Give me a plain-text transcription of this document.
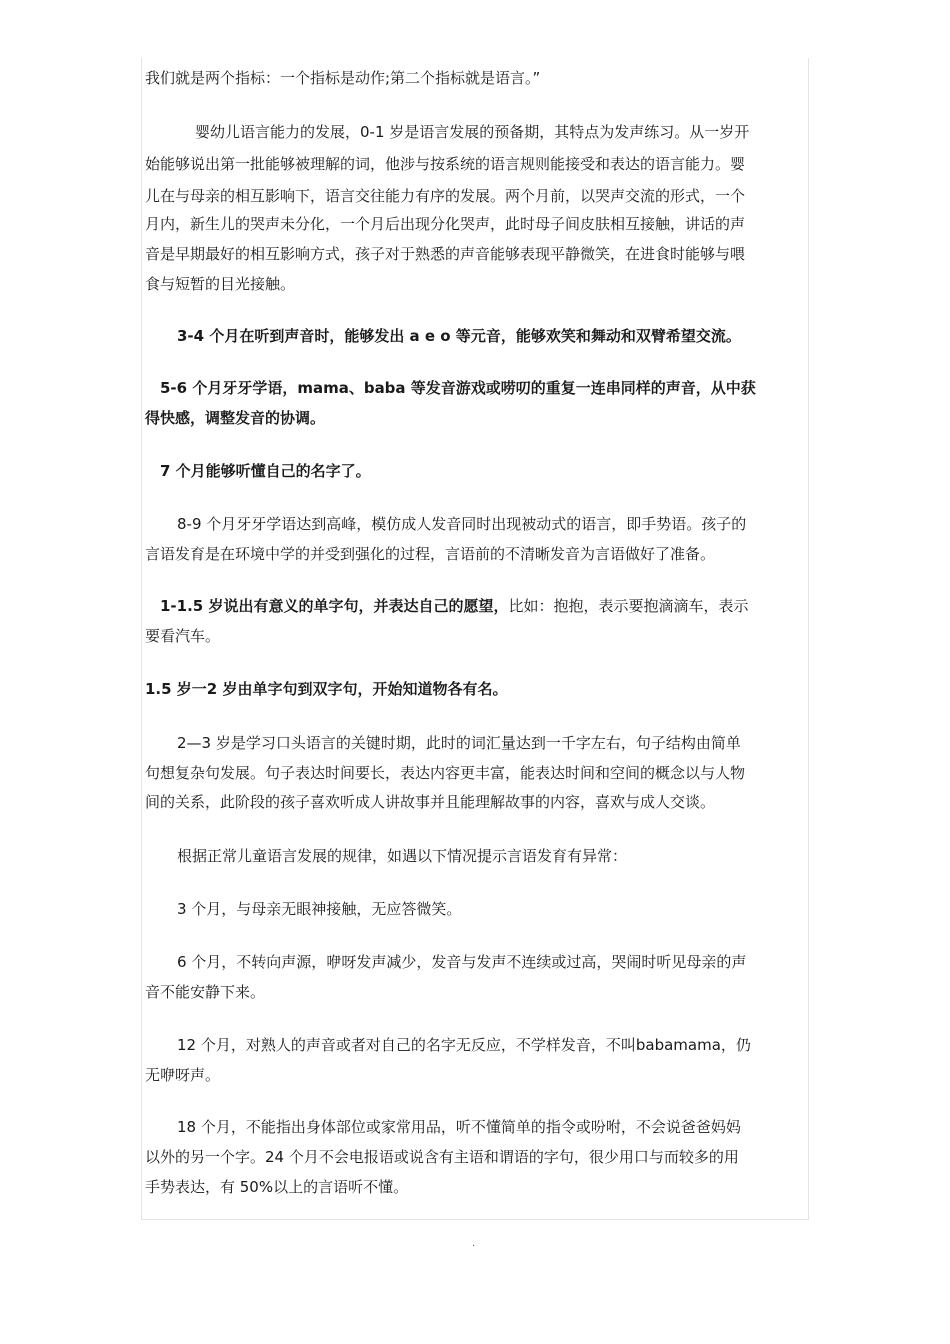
我们就是两个指标：一个指标是动作;第二个指标就是语言。”

婴幼儿语言能力的发展，0-1 岁是语言发展的预备期，其特点为发声练习。从一岁开

始能够说出第一批能够被理解的词，他涉与按系统的语言规则能接受和表达的语言能力。婴

儿在与母亲的相互影响下，语言交往能力有序的发展。两个月前，以哭声交流的形式，一个

月内，新生儿的哭声未分化，一个月后出现分化哭声，此时母子间皮肤相互接触，讲话的声

音是早期最好的相互影响方式，孩子对于熟悉的声音能够表现平静微笑，在进食时能够与喂

食与短暂的目光接触。

3-4 个月在听到声音时，能够发出 a e o 等元音，能够欢笑和舞动和双臂希望交流。

5-6 个月牙牙学语，mama、baba 等发音游戏或唠叨的重复一连串同样的声音，从中获

得快感，调整发音的协调。

7 个月能够听懂自己的名字了。

8-9 个月牙牙学语达到高峰，模仿成人发音同时出现被动式的语言，即手势语。孩子的

言语发育是在环境中学的并受到强化的过程，言语前的不清晰发音为言语做好了准备。

1-1.5 岁说出有意义的单字句，并表达自己的愿望，比如：抱抱，表示要抱滴滴车，表示

要看汽车。

1.5 岁一2 岁由单字句到双字句，开始知道物各有名。

2—3 岁是学习口头语言的关键时期，此时的词汇量达到一千字左右，句子结构由简单

句想复杂句发展。句子表达时间要长，表达内容更丰富，能表达时间和空间的概念以与人物

间的关系，此阶段的孩子喜欢听成人讲故事并且能理解故事的内容，喜欢与成人交谈。

根据正常儿童语言发展的规律，如遇以下情况提示言语发育有异常：

3 个月，与母亲无眼神接触，无应答微笑。

6 个月，不转向声源，咿呀发声减少，发音与发声不连续或过高，哭闹时听见母亲的声

音不能安静下来。

12 个月，对熟人的声音或者对自己的名字无反应，不学样发音，不叫babamama，仍

无咿呀声。

18 个月，不能指出身体部位或家常用品，听不懂简单的指令或吩咐，不会说爸爸妈妈

以外的另一个字。24 个月不会电报语或说含有主语和谓语的字句，很少用口与而较多的用

手势表达，有 50%以上的言语听不懂。

.
